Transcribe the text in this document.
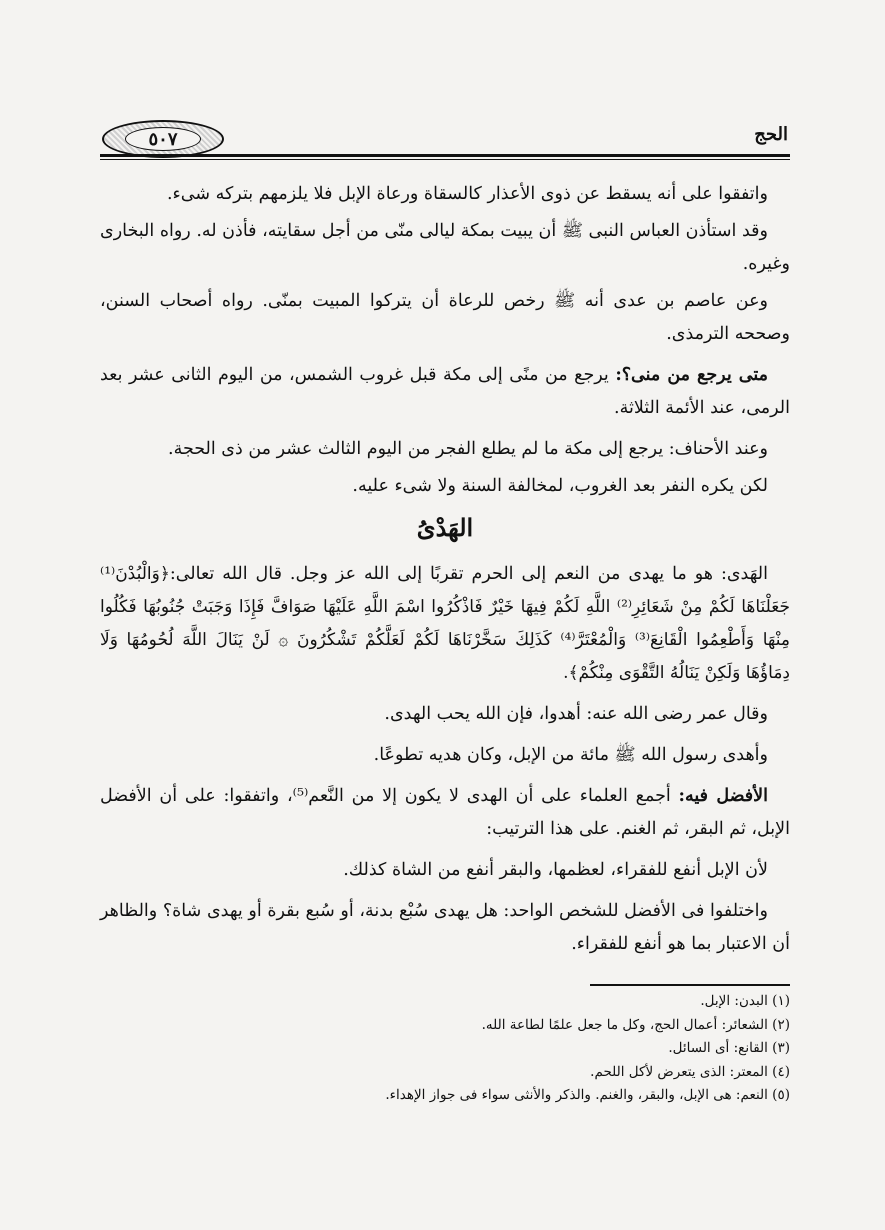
٥٠٧	الحج

واتفقوا على أنه يسقط عن ذوى الأعذار كالسقاة ورعاة الإبل فلا يلزمهم بتركه شىء.

وقد استأذن العباس النبى ﷺ أن يبيت بمكة ليالى منّى من أجل سقايته، فأذن له. رواه البخارى وغيره.

وعن عاصم بن عدى أنه ﷺ رخص للرعاة أن يتركوا المبيت بمنّى. رواه أصحاب السنن، وصححه الترمذى.

متى يرجع من منى؟: يرجع من منًى إلى مكة قبل غروب الشمس، من اليوم الثانى عشر بعد الرمى، عند الأئمة الثلاثة.

وعند الأحناف: يرجع إلى مكة ما لم يطلع الفجر من اليوم الثالث عشر من ذى الحجة.

لكن يكره النفر بعد الغروب، لمخالفة السنة ولا شىء عليه.

الهَدْىُ

الهَدى: هو ما يهدى من النعم إلى الحرم تقربًا إلى الله عز وجل. قال الله تعالى:﴿وَالْبُدْنَ⁽¹⁾ جَعَلْنَاهَا لَكُمْ مِنْ شَعَائِرِ⁽²⁾ اللَّهِ لَكُمْ فِيهَا خَيْرٌ فَاذْكُرُوا اسْمَ اللَّهِ عَلَيْهَا صَوَافَّ فَإِذَا وَجَبَتْ جُنُوبُهَا فَكُلُوا مِنْهَا وَأَطْعِمُوا الْقَانِعَ⁽³⁾ وَالْمُعْتَرَّ⁽⁴⁾ كَذَلِكَ سَخَّرْنَاهَا لَكُمْ لَعَلَّكُمْ تَشْكُرُونَ ۞ لَنْ يَنَالَ اللَّهَ لُحُومُهَا وَلَا دِمَاؤُهَا وَلَكِنْ يَنَالُهُ التَّقْوَى مِنْكُمْ﴾.

وقال عمر رضى الله عنه: أهدوا، فإن الله يحب الهدى.

وأهدى رسول الله ﷺ مائة من الإبل، وكان هديه تطوعًا.

الأفضل فيه: أجمع العلماء على أن الهدى لا يكون إلا من النَّعم⁽⁵⁾، واتفقوا: على أن الأفضل الإبل، ثم البقر، ثم الغنم. على هذا الترتيب:

لأن الإبل أنفع للفقراء، لعظمها، والبقر أنفع من الشاة كذلك.

واختلفوا فى الأفضل للشخص الواحد: هل يهدى سُبْع بدنة، أو سُبع بقرة أو يهدى شاة؟ والظاهر أن الاعتبار بما هو أنفع للفقراء.

(١) البدن: الإبل.

(٢) الشعائر: أعمال الحج، وكل ما جعل علمًا لطاعة الله.

(٣) القانع: أى السائل.

(٤) المعتر: الذى يتعرض لأكل اللحم.

(٥) النعم: هى الإبل، والبقر، والغنم. والذكر والأنثى سواء فى جواز الإهداء.
